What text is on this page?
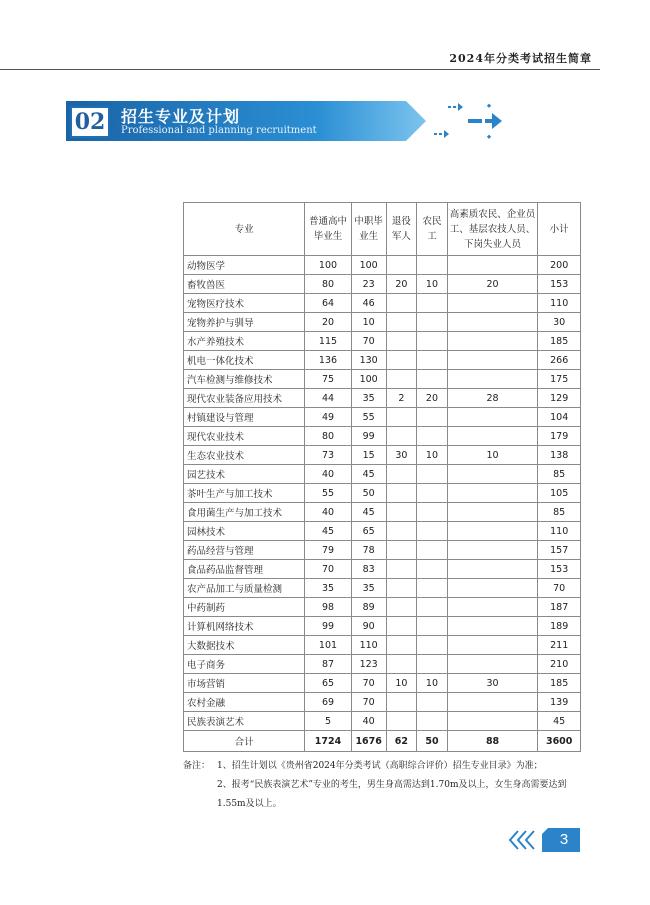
2024年分类考试招生简章
02 招生专业及计划
Professional and planning recruitment
专业	普通高中毕业生	中职毕业生	退役军人	农民工	高素质农民、企业员工、基层农技人员、下岗失业人员	小计
动物医学	100	100				200
畜牧兽医	80	23	20	10	20	153
宠物医疗技术	64	46				110
宠物养护与驯导	20	10				30
水产养殖技术	115	70				185
机电一体化技术	136	130				266
汽车检测与维修技术	75	100				175
现代农业装备应用技术	44	35	2	20	28	129
村镇建设与管理	49	55				104
现代农业技术	80	99				179
生态农业技术	73	15	30	10	10	138
园艺技术	40	45				85
茶叶生产与加工技术	55	50				105
食用菌生产与加工技术	40	45				85
园林技术	45	65				110
药品经营与管理	79	78				157
食品药品监督管理	70	83				153
农产品加工与质量检测	35	35				70
中药制药	98	89				187
计算机网络技术	99	90				189
大数据技术	101	110				211
电子商务	87	123				210
市场营销	65	70	10	10	30	185
农村金融	69	70				139
民族表演艺术	5	40				45
合计	1724	1676	62	50	88	3600
备注： 1、招生计划以《贵州省2024年分类考试（高职综合评价）招生专业目录》为准；
2、报考“民族表演艺术”专业的考生，男生身高需达到1.70m及以上，女生身高需要达到1.55m及以上。
3
